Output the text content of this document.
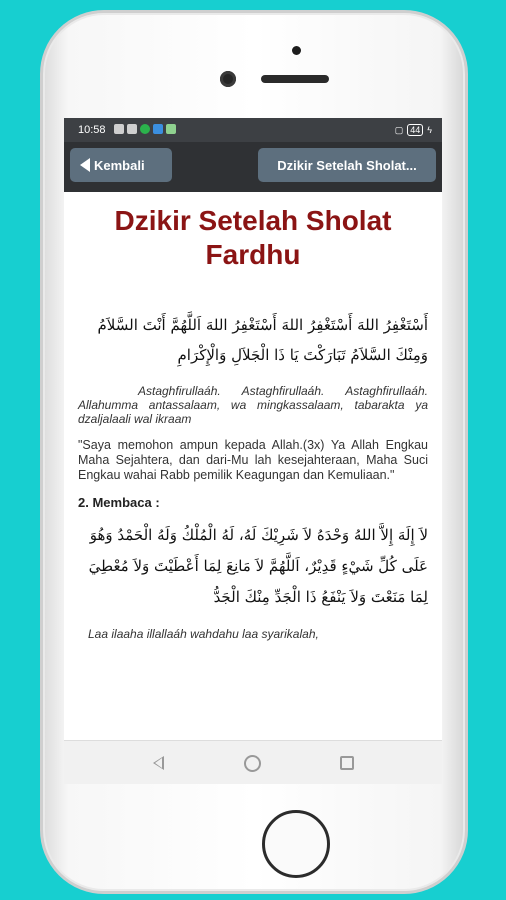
10:58	▢ 44 ϟ
Kembali	Dzikir Setelah Sholat...
Dzikir Setelah Sholat Fardhu
أَسْتَغْفِرُ اللهَ أَسْتَغْفِرُ اللهَ أَسْتَغْفِرُ اللهَ اَللَّهُمَّ أَنْتَ السَّلاَمُ وَمِنْكَ السَّلاَمُ تَبَارَكْتَ يَا ذَا الْجَلاَلِ وَالْإِكْرَامِ
Astaghfirullaáh. Astaghfirullaáh. Astaghfirullaáh. Allahumma antassalaam, wa mingkassalaam, tabarakta ya dzaljalaali wal ikraam
"Saya memohon ampun kepada Allah.(3x) Ya Allah Engkau Maha Sejahtera, dan dari-Mu lah kesejahteraan, Maha Suci Engkau wahai Rabb pemilik Keagungan dan Kemuliaan."
2. Membaca :
لاَ إِلَهَ إِلاَّ اللهُ وَحْدَهُ لاَ شَرِيْكَ لَهُ، لَهُ الْمُلْكُ وَلَهُ الْحَمْدُ وَهُوَ عَلَى كُلِّ شَيْءٍ قَدِيْرٌ، اَللَّهُمَّ لاَ مَانِعَ لِمَا أَعْطَيْتَ وَلاَ مُعْطِيَ لِمَا مَنَعْتَ وَلاَ يَنْفَعُ ذَا الْجَدِّ مِنْكَ الْجَدُّ
Laa ilaaha illallaáh wahdahu laa syarikalah,
